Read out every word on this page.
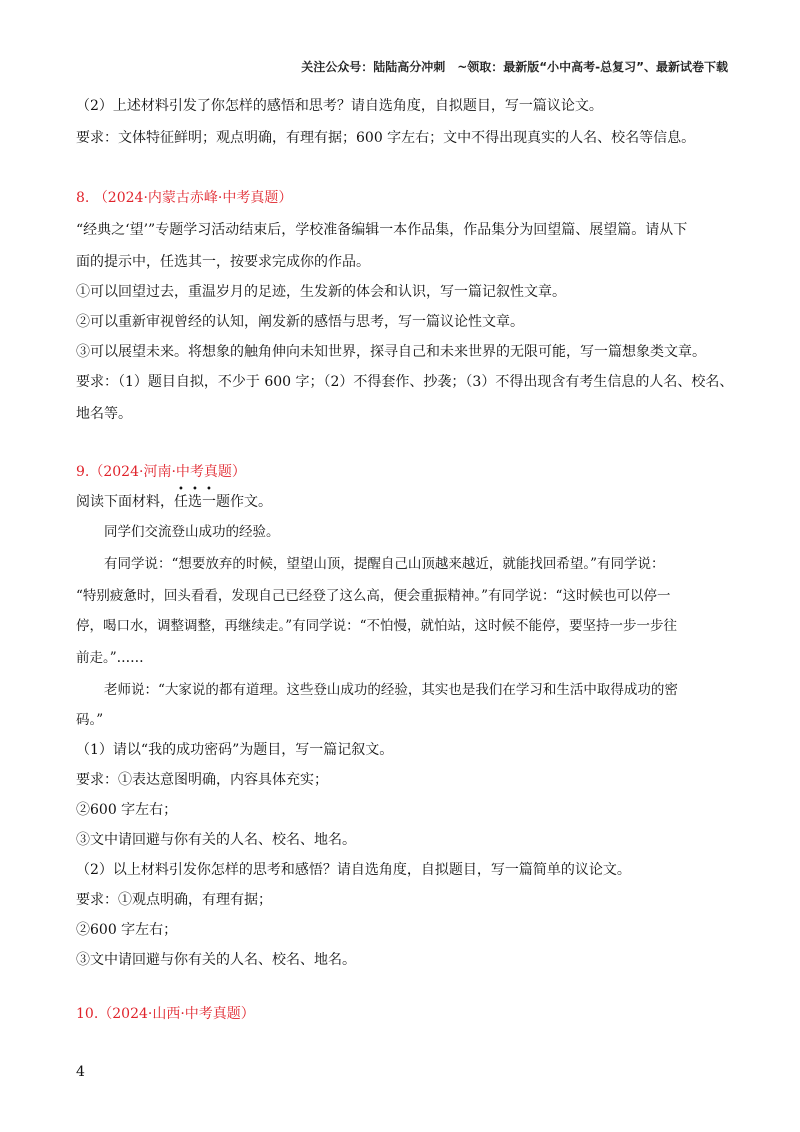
关注公众号：陆陆高分冲刺　~领取：最新版“小中高考-总复习”、最新试卷下载
（2）上述材料引发了你怎样的感悟和思考？请自选角度，自拟题目，写一篇议论文。
要求：文体特征鲜明；观点明确，有理有据；600 字左右；文中不得出现真实的人名、校名等信息。
8. （2024·内蒙古赤峰·中考真题）
“经典之‘望’”专题学习活动结束后，学校准备编辑一本作品集，作品集分为回望篇、展望篇。请从下
面的提示中，任选其一，按要求完成你的作品。
①可以回望过去，重温岁月的足迹，生发新的体会和认识，写一篇记叙性文章。
②可以重新审视曾经的认知，阐发新的感悟与思考，写一篇议论性文章。
③可以展望未来。将想象的触角伸向未知世界，探寻自己和未来世界的无限可能，写一篇想象类文章。
要求：（1）题目自拟，不少于 600 字；（2）不得套作、抄袭；（3）不得出现含有考生信息的人名、校名、
地名等。
9.（2024·河南·中考真题）
阅读下面材料，任选一题作文。
同学们交流登山成功的经验。
有同学说：“想要放弃的时候，望望山顶，提醒自己山顶越来越近，就能找回希望。”有同学说：
“特别疲惫时，回头看看，发现自己已经登了这么高，便会重振精神。”有同学说：“这时候也可以停一
停，喝口水，调整调整，再继续走。”有同学说：“不怕慢，就怕站，这时候不能停，要坚持一步一步往
前走。”……
老师说：“大家说的都有道理。这些登山成功的经验，其实也是我们在学习和生活中取得成功的密
码。”
（1）请以“我的成功密码”为题目，写一篇记叙文。
要求：①表达意图明确，内容具体充实；
②600 字左右；
③文中请回避与你有关的人名、校名、地名。
（2）以上材料引发你怎样的思考和感悟？请自选角度，自拟题目，写一篇简单的议论文。
要求：①观点明确，有理有据；
②600 字左右；
③文中请回避与你有关的人名、校名、地名。
10.（2024·山西·中考真题）
4
